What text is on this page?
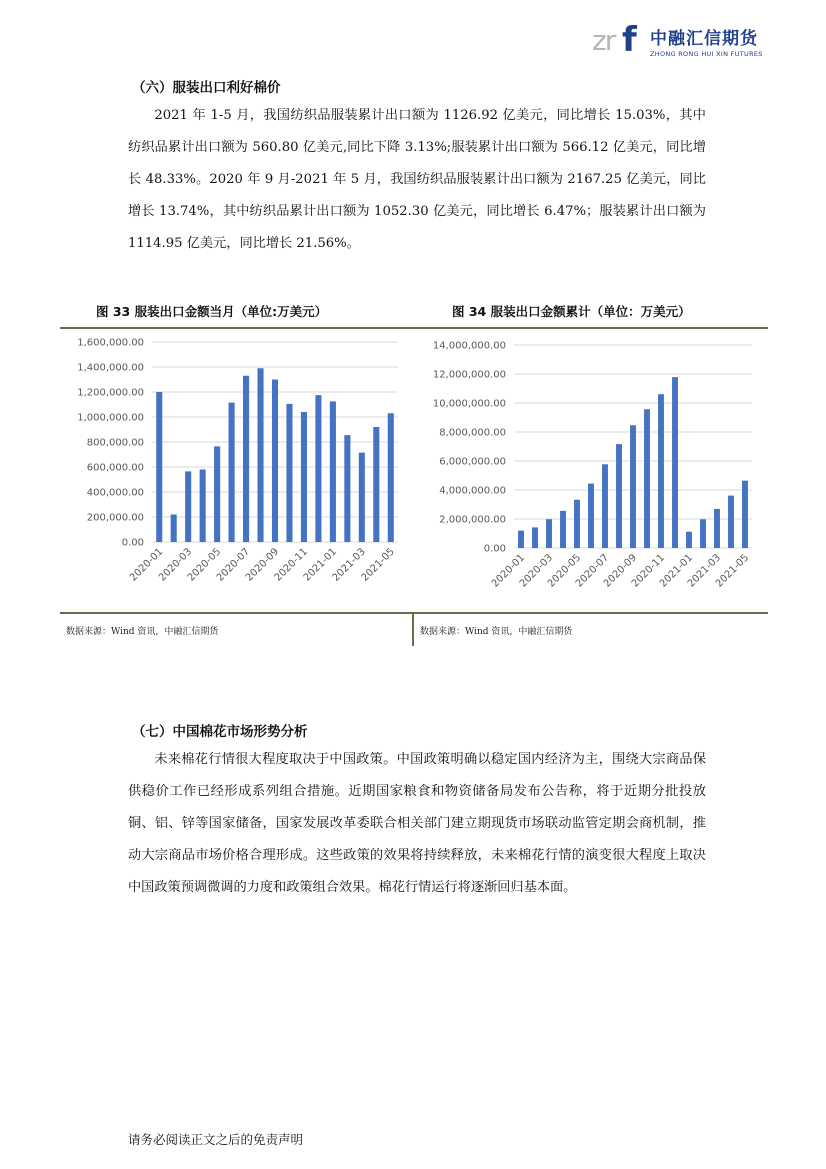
zr f 中融汇信期货
ZHONG RONG HUI XIN FUTURES
（六）服装出口利好棉价

2021 年 1-5 月，我国纺织品服装累计出口额为 1126.92 亿美元，同比增长 15.03%，其中纺织品累计出口额为 560.80 亿美元,同比下降 3.13%;服装累计出口额为 566.12 亿美元，同比增长 48.33%。2020 年 9 月-2021 年 5 月，我国纺织品服装累计出口额为 2167.25 亿美元，同比增长 13.74%，其中纺织品累计出口额为 1052.30 亿美元，同比增长 6.47%；服装累计出口额为 1114.95 亿美元，同比增长 21.56%。

图 33 服装出口金额当月（单位:万美元）	图 34 服装出口金额累计（单位：万美元）
0.00
200,000.00
400,000.00
600,000.00
800,000.00
1,000,000.00
1,200,000.00
1,400,000.00
1,600,000.00
2020-01
2020-03
2020-05
2020-07
2020-09
2020-11
2021-01
2021-03
2021-05	0.00
2,000,000.00
4,000,000.00
6,000,000.00
8,000,000.00
10,000,000.00
12,000,000.00
14,000,000.00
2020-01
2020-03
2020-05
2020-07
2020-09
2020-11
2021-01
2021-03
2021-05
数据来源：Wind 资讯，中融汇信期货	数据来源：Wind 资讯，中融汇信期货
（七）中国棉花市场形势分析

未来棉花行情很大程度取决于中国政策。中国政策明确以稳定国内经济为主，围绕大宗商品保供稳价工作已经形成系列组合措施。近期国家粮食和物资储备局发布公告称，将于近期分批投放铜、铝、锌等国家储备，国家发展改革委联合相关部门建立期现货市场联动监管定期会商机制，推动大宗商品市场价格合理形成。这些政策的效果将持续释放，未来棉花行情的演变很大程度上取决中国政策预调微调的力度和政策组合效果。棉花行情运行将逐渐回归基本面。

请务必阅读正文之后的免责声明
